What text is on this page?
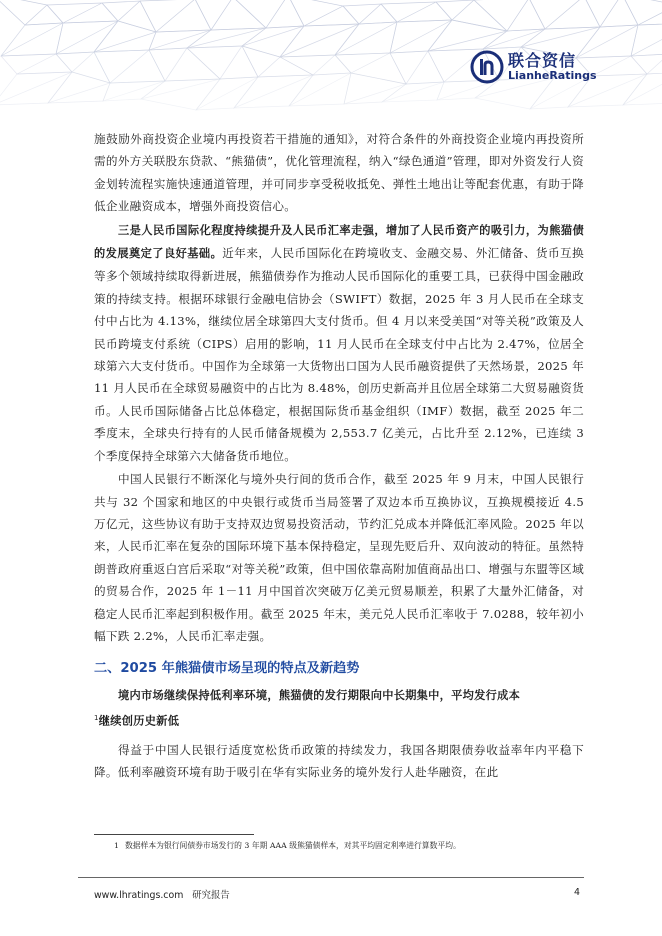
联合资信
LianheRatings

施鼓励外商投资企业境内再投资若干措施的通知》，对符合条件的外商投资企业境内再投资所需的外方关联股东贷款、“熊猫债”，优化管理流程，纳入“绿色通道”管理，即对外资发行人资金划转流程实施快速通道管理，并可同步享受税收抵免、弹性土地出让等配套优惠，有助于降低企业融资成本，增强外商投资信心。

三是人民币国际化程度持续提升及人民币汇率走强，增加了人民币资产的吸引力，为熊猫债的发展奠定了良好基础。近年来，人民币国际化在跨境收支、金融交易、外汇储备、货币互换等多个领域持续取得新进展，熊猫债券作为推动人民币国际化的重要工具，已获得中国金融政策的持续支持。根据环球银行金融电信协会（SWIFT）数据，2025 年 3 月人民币在全球支付中占比为 4.13%，继续位居全球第四大支付货币。但 4 月以来受美国“对等关税”政策及人民币跨境支付系统（CIPS）启用的影响，11 月人民币在全球支付中占比为 2.47%，位居全球第六大支付货币。中国作为全球第一大货物出口国为人民币融资提供了天然场景，2025 年 11 月人民币在全球贸易融资中的占比为 8.48%，创历史新高并且位居全球第二大贸易融资货币。人民币国际储备占比总体稳定，根据国际货币基金组织（IMF）数据，截至 2025 年二季度末，全球央行持有的人民币储备规模为 2,553.7 亿美元，占比升至 2.12%，已连续 3 个季度保持全球第六大储备货币地位。

中国人民银行不断深化与境外央行间的货币合作，截至 2025 年 9 月末，中国人民银行共与 32 个国家和地区的中央银行或货币当局签署了双边本币互换协议，互换规模接近 4.5 万亿元，这些协议有助于支持双边贸易投资活动，节约汇兑成本并降低汇率风险。2025 年以来，人民币汇率在复杂的国际环境下基本保持稳定，呈现先贬后升、双向波动的特征。虽然特朗普政府重返白宫后采取“对等关税”政策，但中国依靠高附加值商品出口、增强与东盟等区域的贸易合作，2025 年 1－11 月中国首次突破万亿美元贸易顺差，积累了大量外汇储备，对稳定人民币汇率起到积极作用。截至 2025 年末，美元兑人民币汇率收于 7.0288，较年初小幅下跌 2.2%，人民币汇率走强。

二、2025 年熊猫债市场呈现的特点及新趋势

境内市场继续保持低利率环境，熊猫债的发行期限向中长期集中，平均发行成本
$^1$继续创历史新低

得益于中国人民银行适度宽松货币政策的持续发力，我国各期限债券收益率年内平稳下降。低利率融资环境有助于吸引在华有实际业务的境外发行人赴华融资，在此

1 数据样本为银行间债券市场发行的 3 年期 AAA 级熊猫债样本，对其平均固定利率进行算数平均。
www.lhratings.com 研究报告	4
